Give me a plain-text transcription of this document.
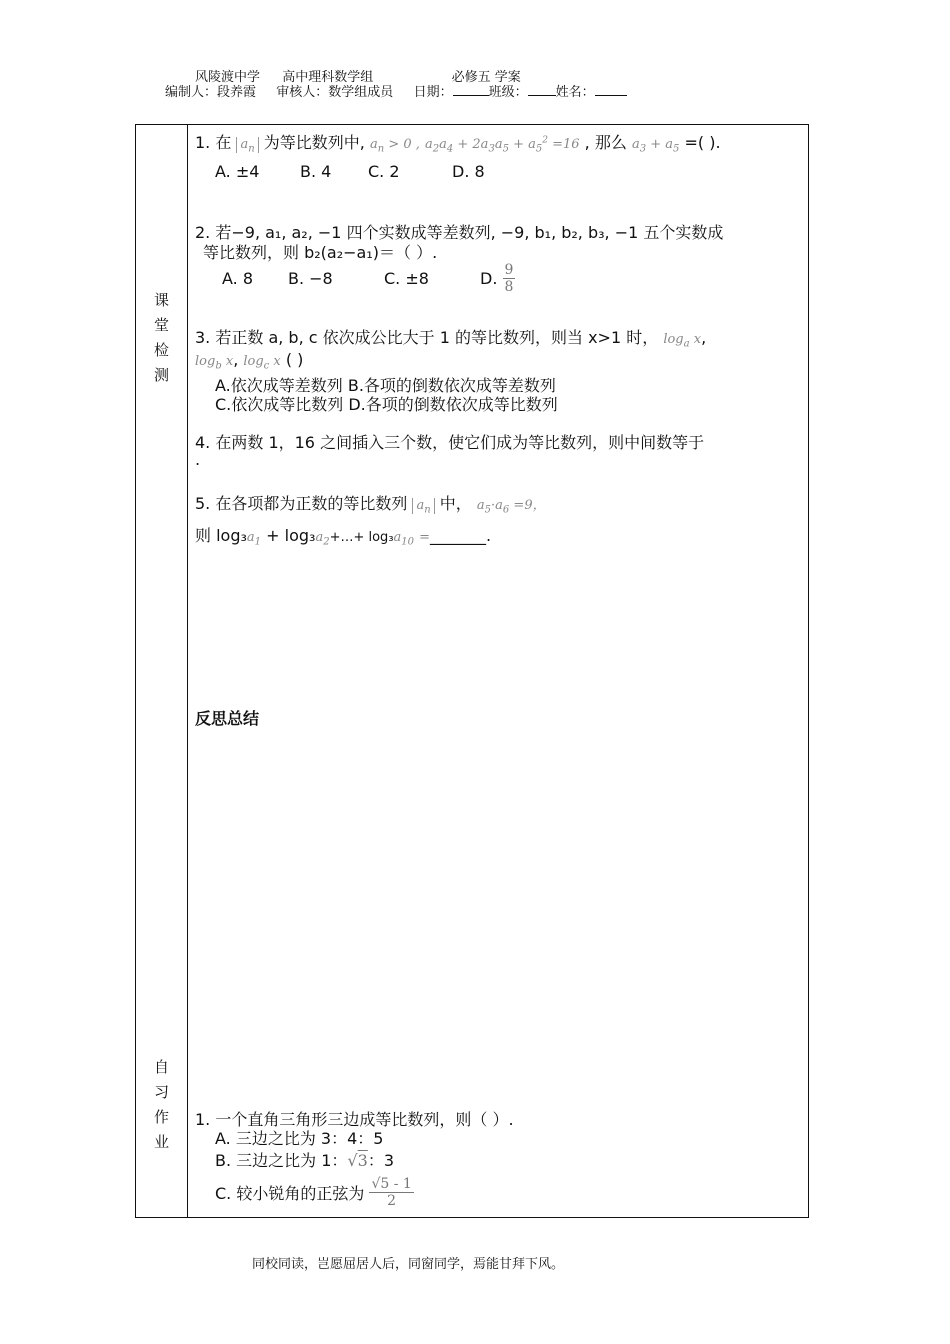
风陵渡中学 高中理科数学组	必修五 学案
编制人：段养霞 审核人：数学组成员 日期：	班级： 姓名：
课
堂
检
测
自
习
作
业
1. 在 $a_n$ 为等比数列中, $a_n > 0$ , $a_2a_4 + 2a_3a_5 + a_5^2 =16$ , 那么 $a_3 + a_5$ =( ).
A. ±4	B. 4 C. 2	D. 8
2. 若−9, a₁, a₂, −1 四个实数成等差数列, −9, b₁, b₂, b₃, −1 五个实数成
等比数列，则 b₂(a₂−a₁)＝（ ）.
A. 8 B. −8	C. ±8	D. $\frac{9}{8}$
3. 若正数 a, b, c 依次成公比大于 1 的等比数列，则当 x>1 时， $\log_a x$,
$\log_b x$, $\log_c x$ ( )
A.依次成等差数列 B.各项的倒数依次成等差数列
C.依次成等比数列 D.各项的倒数依次成等比数列
4. 在两数 1，16 之间插入三个数，使它们成为等比数列，则中间数等于
.
5. 在各项都为正数的等比数列 $a_n$ 中， $a_5\cdot a_6 =9$，
则 $\log_3a_1$ + $\log_3a_2+\dots+ \log_3a_{10}$ =_______.
反思总结
1. 一个直角三角形三边成等比数列，则（ ）.
A. 三边之比为 3：4：5
B. 三边之比为 1：√3：3
C. 较小锐角的正弦为 $\frac{√5 - 1}{2}$
同校同读，岂愿屈居人后，同窗同学，焉能甘拜下风。
